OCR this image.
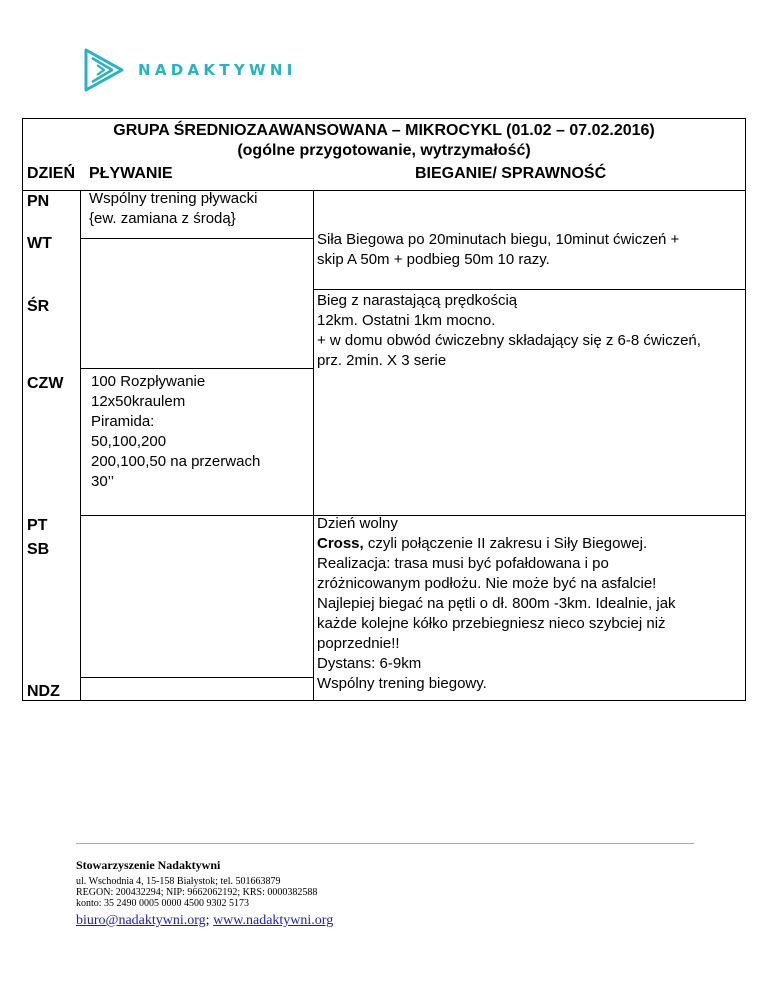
NADAKTYWNI
GRUPA ŚREDNIOZAAWANSOWANA – MIKROCYKL (01.02 – 07.02.2016)
(ogólne przygotowanie, wytrzymałość)
DZIEŃ PŁYWANIE	BIEGANIE/ SPRAWNOŚĆ
PN
WT
ŚR
CZW
PT
SB
NDZ
Wspólny trening pływacki
{ew. zamiana z środą}
100 Rozpływanie
12x50kraulem
Piramida:
50,100,200
200,100,50 na przerwach
30’’
Siła Biegowa po 20minutach biegu, 10minut ćwiczeń +
skip A 50m + podbieg 50m 10 razy.
Bieg z narastającą prędkością
12km. Ostatni 1km mocno.
+ w domu obwód ćwiczebny składający się z 6-8 ćwiczeń,
prz. 2min. X 3 serie
Dzień wolny
Cross, czyli połączenie II zakresu i Siły Biegowej.
Realizacja: trasa musi być pofałdowana i po
zróżnicowanym podłożu. Nie może być na asfalcie!
Najlepiej biegać na pętli o dł. 800m -3km. Idealnie, jak
każde kolejne kółko przebiegniesz nieco szybciej niż
poprzednie!!
Dystans: 6-9km
Wspólny trening biegowy.
Stowarzyszenie Nadaktywni
ul. Wschodnia 4, 15-158 Białystok; tel. 501663879
REGON: 200432294; NIP: 9662062192; KRS: 0000382588
konto: 35 2490 0005 0000 4500 9302 5173
biuro@nadaktywni.org; www.nadaktywni.org
